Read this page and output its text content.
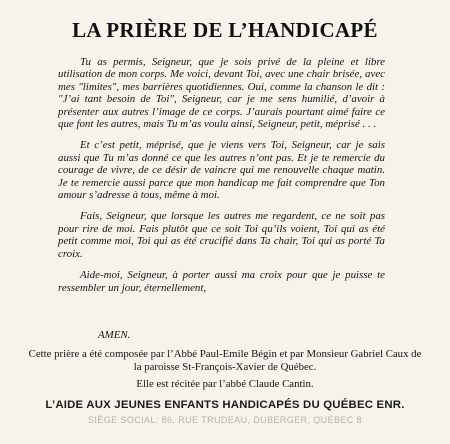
LA PRIÈRE DE L’HANDICAPÉ

Tu as permis, Seigneur, que je sois privé de la pleine et libre utilisation de mon corps. Me voici, devant Toi, avec une chair brisée, avec mes "limites", mes barrières quotidiennes. Oui, comme la chanson le dit : "J’ai tant besoin de Toi", Seigneur, car je me sens humilié, d’avoir à présenter aux autres l’image de ce corps. J’aurais pourtant aimé faire ce que font les autres, mais Tu m’as voulu ainsi, Seigneur, petit, méprisé . . .

Et c’est petit, méprisé, que je viens vers Toi, Seigneur, car je sais aussi que Tu m’as donné ce que les autres n’ont pas. Et je te remercie du courage de vivre, de ce désir de vaincre qui me renouvelle chaque matin. Je te remercie aussi parce que mon handicap me fait comprendre que Ton amour s’adresse à tous, même à moi.

Fais, Seigneur, que lorsque les autres me regardent, ce ne soit pas pour rire de moi. Fais plutôt que ce soit Toi qu’ils voient, Toi qui as été petit comme moi, Toi qui as été crucifié dans Ta chair, Toi qui as porté Ta croix.

Aide-moi, Seigneur, à porter aussi ma croix pour que je puisse te ressembler un jour, éternellement,

AMEN.
Cette prière a été composée par l’Abbé Paul-Emile Bégin et par Monsieur Gabriel Caux de la paroisse St-François-Xavier de Québec.
Elle est récitée par l’abbé Claude Cantin.
L’AIDE AUX JEUNES ENFANTS HANDICAPÉS DU QUÉBEC ENR.
SIÈGE SOCIAL: 86, RUE TRUDEAU, DUBERGER, QUÉBEC 8
